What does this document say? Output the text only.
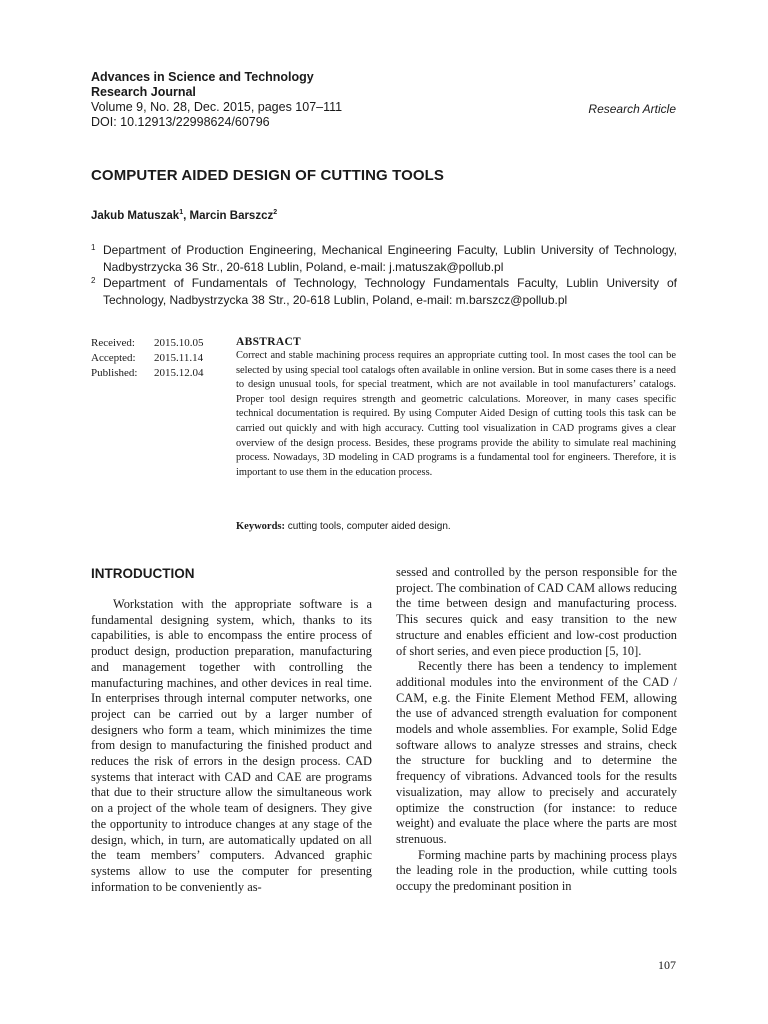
Advances in Science and Technology
Research Journal
Volume 9, No. 28, Dec. 2015, pages 107–111
DOI: 10.12913/22998624/60796
Research Article
COMPUTER AIDED DESIGN OF CUTTING TOOLS
Jakub Matuszak$^1$, Marcin Barszcz$^2$
1 Department of Production Engineering, Mechanical Engineering Faculty, Lublin University of Technology, Nadbystrzycka 36 Str., 20-618 Lublin, Poland, e-mail: j.matuszak@pollub.pl
2 Department of Fundamentals of Technology, Technology Fundamentals Faculty, Lublin University of Technology, Nadbystrzycka 38 Str., 20-618 Lublin, Poland, e-mail: m.barszcz@pollub.pl
Received:	2015.10.05
Accepted:	2015.11.14
Published:	2015.12.04
ABSTRACT
Correct and stable machining process requires an appropriate cutting tool. In most cases the tool can be selected by using special tool catalogs often available in online version. But in some cases there is a need to design unusual tools, for special treatment, which are not available in tool manufacturers’ catalogs. Proper tool design requires strength and geometric calculations. Moreover, in many cases specific technical documentation is required. By using Computer Aided Design of cutting tools this task can be carried out quickly and with high accuracy. Cutting tool visualization in CAD programs gives a clear overview of the design process. Besides, these programs provide the ability to simulate real machining process. Nowadays, 3D modeling in CAD programs is a fundamental tool for engineers. Therefore, it is important to use them in the education process.
Keywords: cutting tools, computer aided design.
INTRODUCTION

Workstation with the appropriate software is a fundamental designing system, which, thanks to its capabilities, is able to encompass the entire process of product design, production preparation, manufacturing and management together with controlling the manufacturing machines, and other devices in real time. In enterprises through internal computer networks, one project can be carried out by a larger number of designers who form a team, which minimizes the time from design to manufacturing the finished product and reduces the risk of errors in the design process. CAD systems that interact with CAD and CAE are programs that due to their structure allow the simultaneous work on a project of the whole team of designers. They give the opportunity to introduce changes at any stage of the design, which, in turn, are automatically updated on all the team members’ computers. Advanced graphic systems allow to use the computer for presenting information to be conveniently as-

sessed and controlled by the person responsible for the project. The combination of CAD CAM allows reducing the time between design and manufacturing process. This secures quick and easy transition to the new structure and enables efficient and low-cost production of short series, and even piece production [5, 10].

Recently there has been a tendency to implement additional modules into the environment of the CAD / CAM, e.g. the Finite Element Method FEM, allowing the use of advanced strength evaluation for component models and whole assemblies. For example, Solid Edge software allows to analyze stresses and strains, check the structure for buckling and to determine the frequency of vibrations. Advanced tools for the results visualization, may allow to precisely and accurately optimize the construction (for instance: to reduce weight) and evaluate the place where the parts are most strenuous.

Forming machine parts by machining process plays the leading role in the production, while cutting tools occupy the predominant position in

107
